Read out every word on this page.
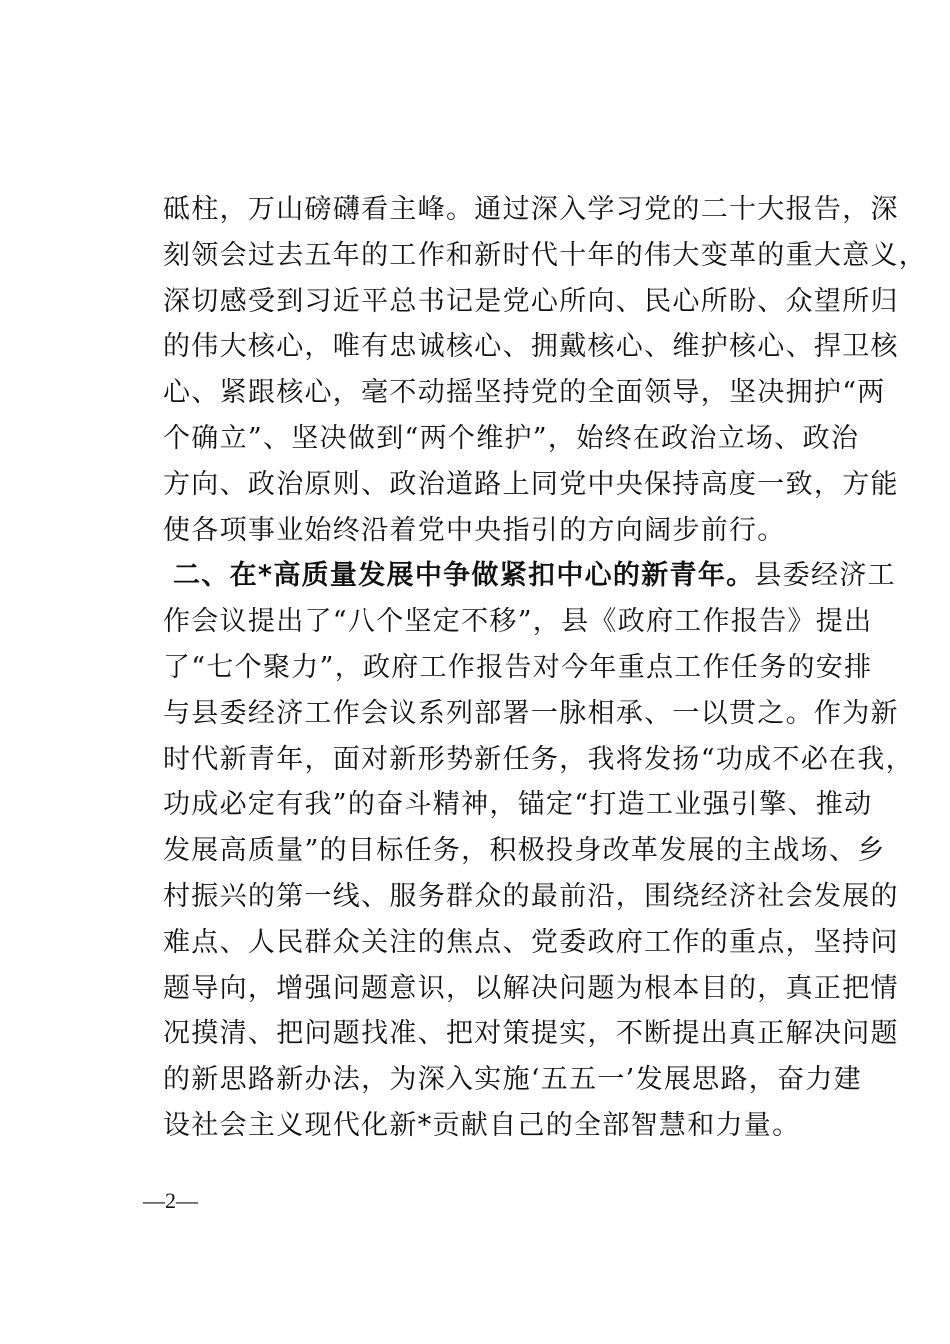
砥柱，万山磅礴看主峰。通过深入学习党的二十大报告，深
刻领会过去五年的工作和新时代十年的伟大变革的重大意义，
深切感受到习近平总书记是党心所向、民心所盼、众望所归
的伟大核心，唯有忠诚核心、拥戴核心、维护核心、捍卫核
心、紧跟核心，毫不动摇坚持党的全面领导，坚决拥护“两
个确立”、坚决做到“两个维护”，始终在政治立场、政治
方向、政治原则、政治道路上同党中央保持高度一致，方能
使各项事业始终沿着党中央指引的方向阔步前行。
二、在*高质量发展中争做紧扣中心的新青年。县委经济工
作会议提出了“八个坚定不移”，县《政府工作报告》提出
了“七个聚力”，政府工作报告对今年重点工作任务的安排
与县委经济工作会议系列部署一脉相承、一以贯之。作为新
时代新青年，面对新形势新任务，我将发扬“功成不必在我，
功成必定有我”的奋斗精神，锚定“打造工业强引擎、推动
发展高质量”的目标任务，积极投身改革发展的主战场、乡
村振兴的第一线、服务群众的最前沿，围绕经济社会发展的
难点、人民群众关注的焦点、党委政府工作的重点，坚持问
题导向，增强问题意识，以解决问题为根本目的，真正把情
况摸清、把问题找准、把对策提实，不断提出真正解决问题
的新思路新办法，为深入实施‘五五一’发展思路，奋力建
设社会主义现代化新*贡献自己的全部智慧和力量。
—2—
